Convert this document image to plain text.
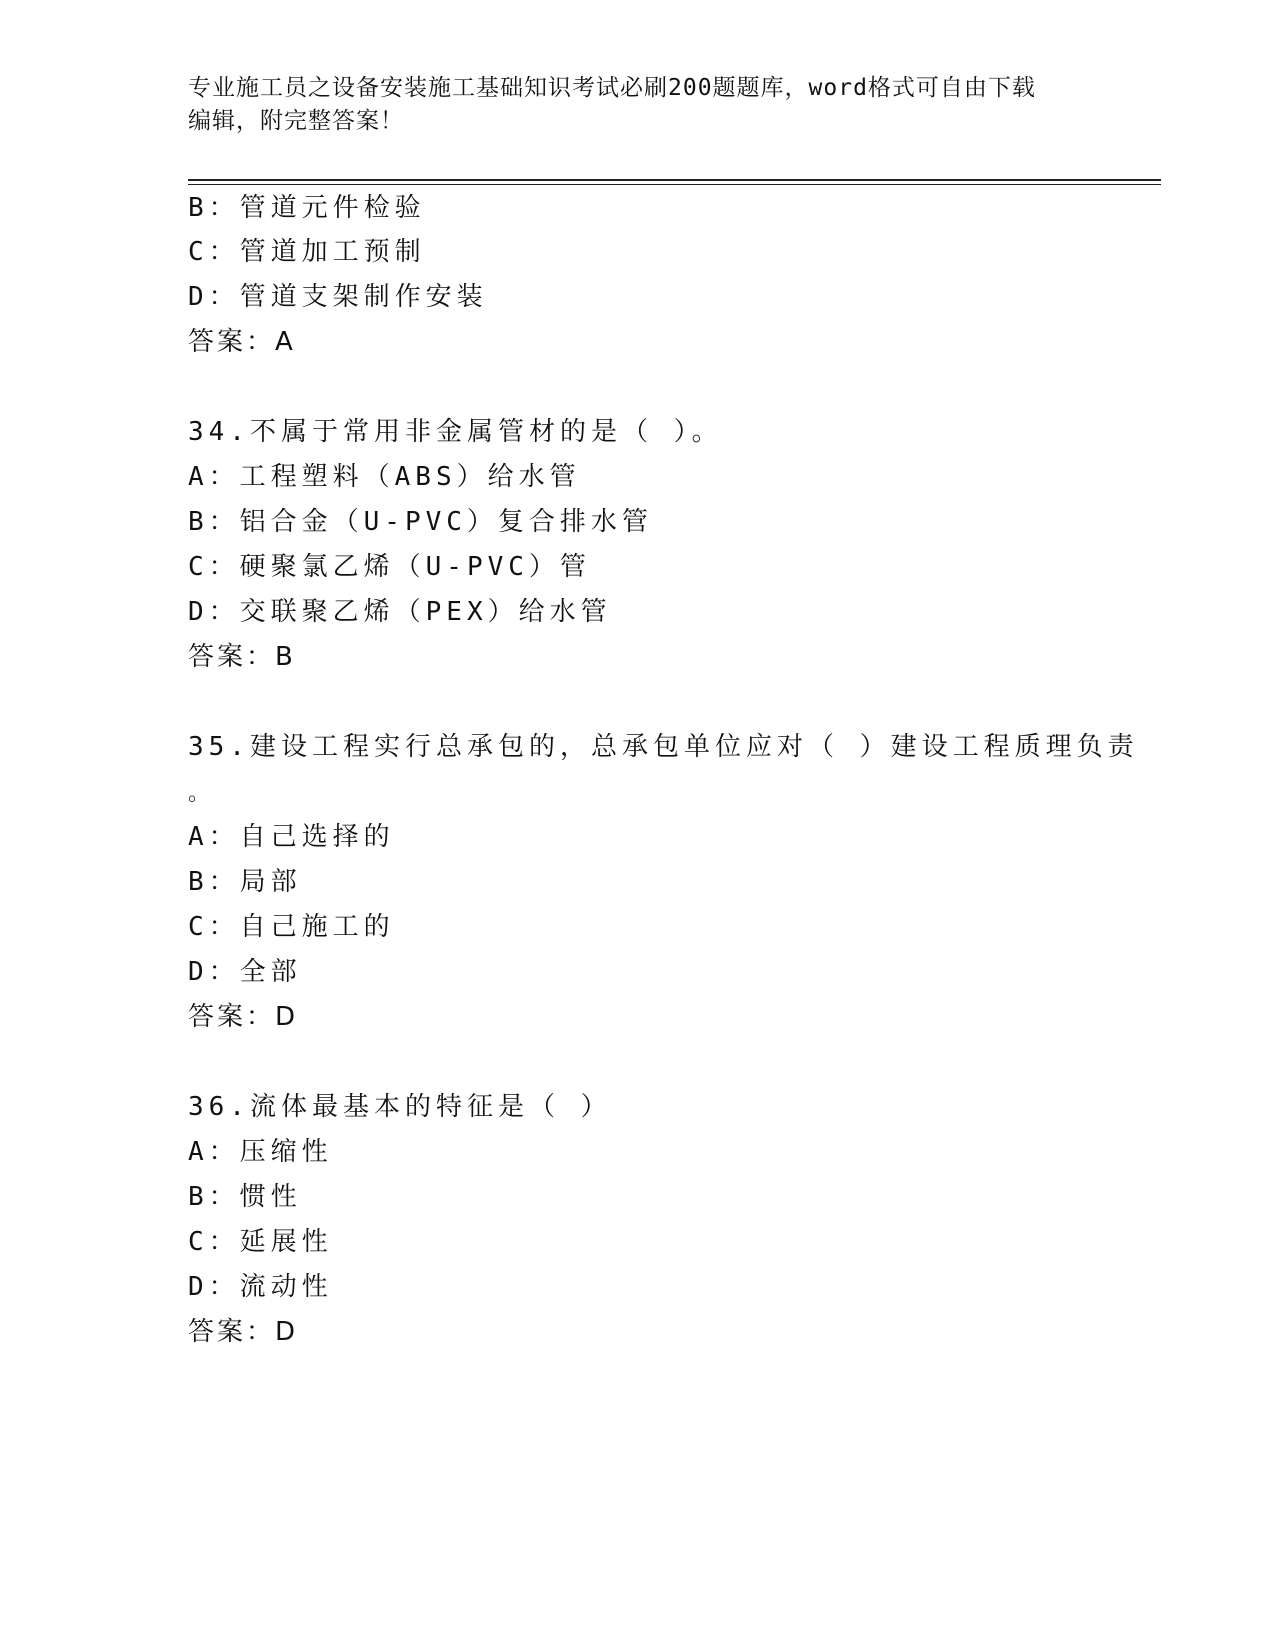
专业施工员之设备安装施工基础知识考试必刷200题题库，word格式可自由下载
编辑，附完整答案！
B：管道元件检验
C：管道加工预制
D：管道支架制作安装
答案：A
34.不属于常用非金属管材的是（ ）。
A：工程塑料（ABS）给水管
B：铝合金（U-PVC）复合排水管
C：硬聚氯乙烯（U-PVC）管
D：交联聚乙烯（PEX）给水管
答案：B
35.建设工程实行总承包的，总承包单位应对（ ）建设工程质理负责
。
A：自己选择的
B：局部
C：自己施工的
D：全部
答案：D
36.流体最基本的特征是（ ）
A：压缩性
B：惯性
C：延展性
D：流动性
答案：D
